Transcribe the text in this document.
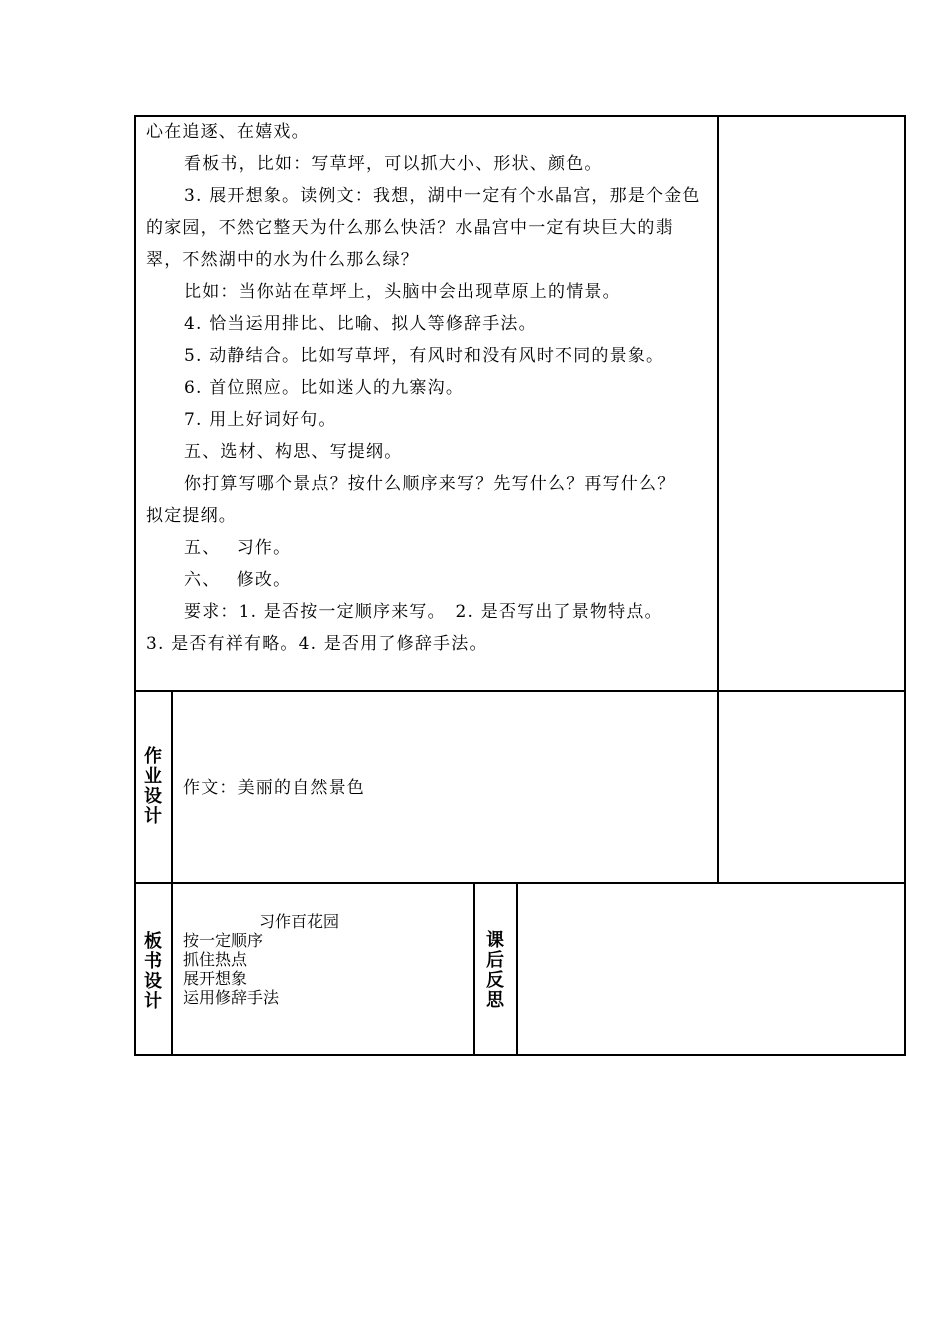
心在追逐、在嬉戏。

看板书，比如：写草坪，可以抓大小、形状、颜色。

3. 展开想象。读例文：我想，湖中一定有个水晶宫，那是个金色

的家园，不然它整天为什么那么快活？水晶宫中一定有块巨大的翡

翠，不然湖中的水为什么那么绿？

比如：当你站在草坪上，头脑中会出现草原上的情景。

4. 恰当运用排比、比喻、拟人等修辞手法。

5. 动静结合。比如写草坪，有风时和没有风时不同的景象。

6. 首位照应。比如迷人的九寨沟。

7. 用上好词好句。

五、选材、构思、写提纲。

你打算写哪个景点？按什么顺序来写？先写什么？再写什么？

拟定提纲。

五、　 习作。

六、　 修改。

要求：1. 是否按一定顺序来写。　2. 是否写出了景物特点。

3. 是否有祥有略。4. 是否用了修辞手法。

作
业
设
计
作文：美丽的自然景色
板
书
设
计
习作百花园
按一定顺序
抓住热点
展开想象
运用修辞手法
课
后
反
思
